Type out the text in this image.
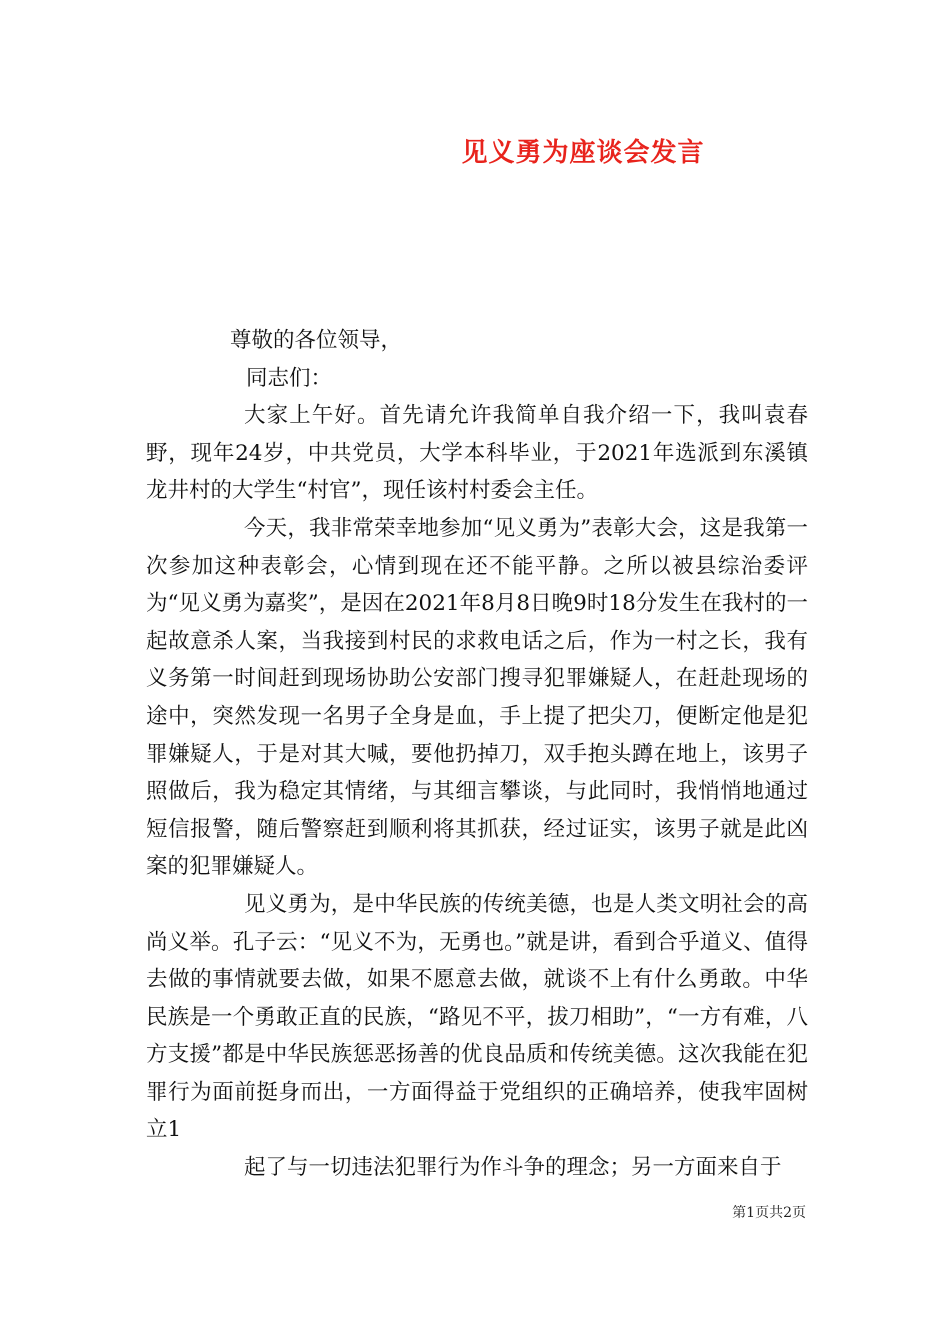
见义勇为座谈会发言
尊敬的各位领导，
同志们：

大家上午好。首先请允许我简单自我介绍一下，我叫袁春野，现年24岁，中共党员，大学本科毕业，于2021年选派到东溪镇龙井村的大学生“村官”，现任该村村委会主任。

今天，我非常荣幸地参加“见义勇为”表彰大会，这是我第一次参加这种表彰会，心情到现在还不能平静。之所以被县综治委评为“见义勇为嘉奖”，是因在2021年8月8日晚9时18分发生在我村的一起故意杀人案，当我接到村民的求救电话之后，作为一村之长，我有义务第一时间赶到现场协助公安部门搜寻犯罪嫌疑人，在赶赴现场的途中，突然发现一名男子全身是血，手上提了把尖刀，便断定他是犯罪嫌疑人，于是对其大喊，要他扔掉刀，双手抱头蹲在地上，该男子照做后，我为稳定其情绪，与其细言攀谈，与此同时，我悄悄地通过短信报警，随后警察赶到顺利将其抓获，经过证实，该男子就是此凶案的犯罪嫌疑人。

见义勇为，是中华民族的传统美德，也是人类文明社会的高尚义举。孔子云：“见义不为，无勇也。”就是讲，看到合乎道义、值得去做的事情就要去做，如果不愿意去做，就谈不上有什么勇敢。中华民族是一个勇敢正直的民族，“路见不平，拔刀相助”，“一方有难，八方支援”都是中华民族惩恶扬善的优良品质和传统美德。这次我能在犯罪行为面前挺身而出，一方面得益于党组织的正确培养，使我牢固树立1

起了与一切违法犯罪行为作斗争的理念；另一方面来自于

第1页共2页
